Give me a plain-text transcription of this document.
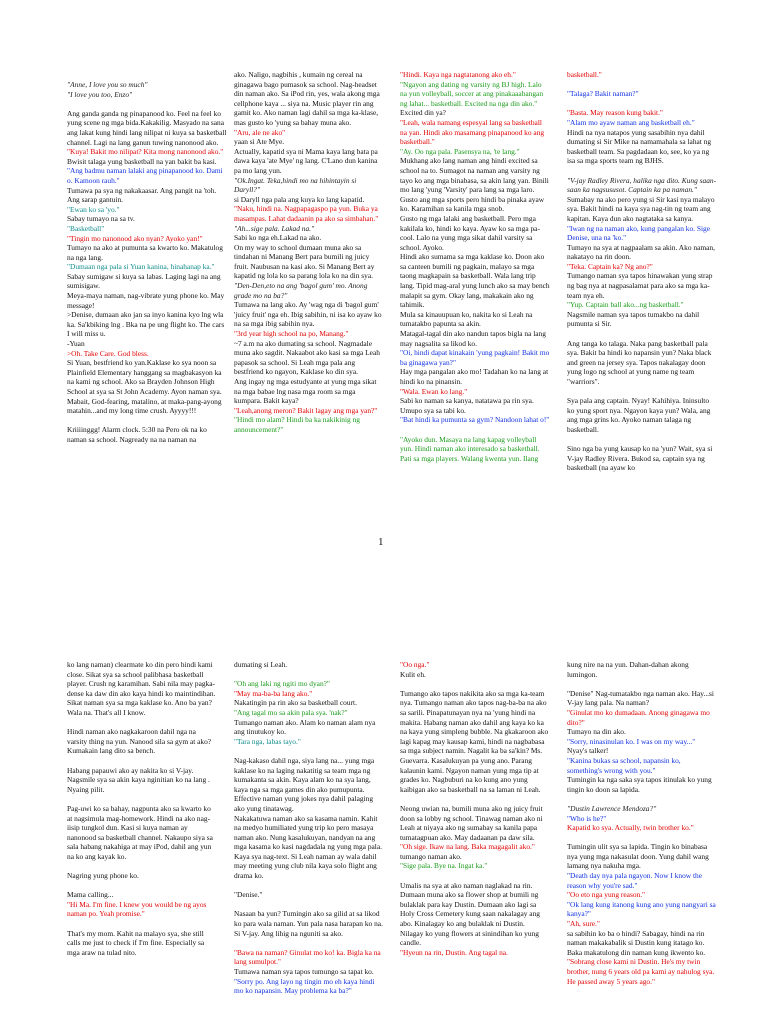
"Anne, I love you so much"

"I love you too, Enzo"

Ang ganda ganda ng pinapanood ko. Feel na feel ko yung scene ng mga bida.Kakakilig. Masyado na sana ang lakat kung hindi lang nilipat ni kuya sa basketball channel. Lagi na lang ganun tuwing nanonood ako.

"Kuya! Bakit mo nilipat? Kita mong nanonood ako."

Bwisit talaga yung basketball na yan bakit ba kasi.

"Ang badmu naman lalaki ang pinapanood ko. Dami o. Kamoon rauh."

Tumawa pa sya ng nakakaasar. Ang pangit na 'toh. Ang sarap gantuin.

"Ewan ko sa 'yo."

Sabay tumayo na sa tv.

"Basketball"

"Tingin mo nanonood ako nyan? Ayoko yan!"

Tumayo na ako at pumunta sa kwarto ko. Makatulog na nga lang.

"Dumaan nga pala si Yuan kanina, hinahanap ka."

Sabay sumigaw si kuya sa labas. Laging lagi na ang sumisigaw.

Meya-maya naman, nag-vibrate yung phone ko. May message!

>Denise, dumaan ako jan sa inyo kanina kyo lng wla ka. Sa'kbiking lng . Bka na pe ung flight ko. The cars I will miss u.

-Yuan

>Oh. Take Care. God bless.

Si Yuan, bestfriend ko yan.Kaklase ko sya noon sa Plainfield Elementary hanggang sa magbakasyon ka na kami ng school. Ako sa Brayden Johnson High School at sya sa St John Academy. Ayon naman sya. Mabait, God-fearing, matalino, at maka-pang-ayong matahin...and my long time crush. Ayyyy!!!

Kriiiinggg! Alarm clock. 5:30 na Pero ok na ko naman sa school. Nagready na na naman na

ako. Naligo, nagbihis , kumain ng cereal na ginagawa bago pumasok sa school. Nag-headset din naman ako. Sa iPod rin, yes, wala akong mga cellphone kaya ... siya na. Music player rin ang gamit ko. Ako naman lagi dahil sa mga ka-klase, mas gusto ko 'yung sa bahay muna ako.

"Aru, ale ne ako"

yaan si Ate Mye.

Actually, kapatid sya ni Mama kaya lang bata pa dawa kaya 'ate Mye' ng lang. C'Lano dun kanina pa mo lang yun.

"Ok.Ingat. Teka,hindi mo na hihintayin si Daryll?"

si Daryll nga pala ang kuya ko lang kapatid.

"Naku, hindi na. Nagpapagaspo pa yun. Buka ya masampas. Lahat dadaanin pa ako sa simbahan."

"Ah...sige pala. Lakad na."

Sabi ko nga eh.Lakad na ako.

On my way to school dumaan muna ako sa tindahan ni Manang Bert para bumili ng juicy fruit. Naubusan na kasi ako. Si Manang Bert ay kapatid ng lola ko sa parang lola ko na din sya.

"Den-Den,eto na ang 'bagol gum' mo. Anong grade mo na ba?"

Tumawa na lang ako. Ay 'wag nga di 'bagol gum' 'juicy fruit' nga eh. Ibig sabihin, ni isa ko ayaw ko na sa mga ibig sabihin nya.

"3rd year high school na po, Manang."

~7 a.m na ako dumating sa school. Nagmadale muna ako sagdit. Nakaabot ako kasi sa mga Leah papasok sa school. Si Leah mga pala ang bestfriend ko ngayon, Kaklase ko din sya.

Ang ingay ng mga estudyante at yung mga sikat na mga babae lng nasa mga room sa mga kumpara. Bakit kaya?

"Leah,anong meron? Bakit lagay ang mga yan?"

"Hindi mo alam? Hindi ba ka nakikinig ng announcement?"

"Hindi. Kaya nga nagtatanong ako eh."

"Ngayon ang dating ng varsity ng BJ high. Lalo na yun volleyball, soccer at ang pinakaaabangan ng lahat... basketball. Excited na nga din ako."

Excited din ya?

"Leah, wala namang espesyal lang sa basketball na yan. Hindi ako masamang pinapanood ko ang basketball."

"Ay. Oo nga pala. Pasensya na, 'te lang."

Mukhang ako lang naman ang hindi excited sa school na to. Sumagot na naman ang varsity ng tayo ko ang mga binabasa, sa akin lang yan. Binili mo lang 'yung 'Varsity' para lang sa mga laro. Gusto ang mga sports pero hindi ba pinaka ayaw ko. Karamihan sa kanila mga snob.

Gusto ng mga lalaki ang basketball. Pero mga kakilala ko, hindi ko kaya. Ayaw ko sa mga pa-cool. Lalo na yung mga sikat dahil varsity sa school. Ayoko.

Hindi ako sumama sa mga kaklase ko. Doon ako sa canteen bumili ng pagkain, malayo sa mga taong magkapain sa basketball. Wala lang trip lang. Tipid mag-aral yung lunch ako sa may bench malapit sa gym. Okay lang, makakain ako ng tahimik.

Mula sa kinauupuan ko, nakita ko si Leah na tumatakbo papunta sa akin.

Matagal-tagal din ako nandun tapos bigla na lang may nagsalita sa likod ko.

"Oi, hindi dapat kinakain 'yung pagkain! Bakit mo ba ginagawa yan?"

Hay mga pangalan ako mo! Tadahan ko na lang at hindi ko na pinansin.

"Wala. Ewan ko lang."

Sabi ko naman sa kanya, natatawa pa rin sya.

Umupo sya sa tabi ko.

"Bat hindi ka pumunta sa gym? Nandoon lahat o!"

"Ayoko dun. Masaya na lang kapag volleyball yun. Hindi naman ako interesado sa basketball. Pati sa mga players. Walang kwenta yun. Ilang

basketball."

"Talaga? Bakit naman?"

"Basta. May reason kung bakit."

"Alam mo ayaw naman ang basketball eh."

Hindi na nya natapos yung sasabihin nya dahil dumating si Sir Mike na namamahala sa lahat ng basketball team. Sa pagdadaan ko, see, ko ya ng isa sa mga sports team ng BJHS.

"V-jay Radley Rivera, halika nga dito. Kung saan-saan ka nagsususot. Captain ka pa naman."

Sumabay na ako pero yung si Sir kasi nya malayo sya. Bakit hindi na kaya sya nag-tin ng team ang kapitan. Kaya dun ako nagtataka sa kanya.

"Iwan ng na naman ako, kung pangalan ko. Sige Denise, una na 'ko."

Tumayo na sya at nagpaalam sa akin. Ako naman, nakatayo na rin doon.

"Teka. Captain ka? Ng ano?"

Tumango naman sya tapos hinawakan yung strap ng bag nya at nagpasalamat para ako sa mga ka-team nya eh.

"Yup. Captain ball ako...ng basketball."

Nagsmile naman sya tapos tumakbo na dahil pumunta si Sir.

Ang tanga ko talaga. Naka pang basketball pala sya. Bakit ba hindi ko napansin yun? Naka black and green na jersey sya. Tapos nakalagay doon yung logo ng school at yung name ng team "warriors".

Sya pala ang captain. Nyay! Kahihiya. Ininsulto ko yung sport nya. Ngayon kaya yun? Wala, ang ang mga grins ko. Ayoko naman talaga ng basketball.

Sino nga ba yung kausap ko na 'yun? Wait, sya si V-jay Radley Rivera. Bukod sa, captain sya ng basketball (na ayaw ko

1

ko lang naman) clearmate ko din pero hindi kami close. Sikat sya sa school palibhasa basketball player. Crush ng karamihan. Sabi nila may pagka-dense ka daw din ako kaya hindi ko maintindihan. Sikat naman sya sa mga kaklase ko. Ano ba yan? Wala na. That's all I know.

Hindi naman ako nagkakaroon dahil nga na varsity thing na yun. Nanood sila sa gym at ako? Kumakain lang dito sa bench.

Habang papauwi ako ay nakita ko si V-jay. Nagsmile sya sa akin kaya nginitian ko na lang . Nyaing pilit.

Pag-uwi ko sa bahay, nagpunta ako sa kwarto ko at nagsimula mag-homework. Hindi na ako nag-iisip tungkol dun. Kasi si kuya naman ay nanonood sa basketball channel. Nakaupo siya sa sala habang nakahiga at may iPod, dahil ang yun na ko ang kayak ko.

Nagring yung phone ko.

Mama calling...

"Hi Ma. I'm fine. I knew you would be ng ayos naman po. Yeah promise."

That's my mom. Kahit na malayo sya, she still calls me just to check if I'm fine. Especially sa mga araw na tulad nito.

dumating si Leah.

"Oh ang laki ng ngiti mo dyan?"

"May ma-ba-ba lang ako."

Nakatingin pa rin ako sa basketball court.

"Ang tagal mo sa akin pala sya. 'nak?"

Tumango naman ako. Alam ko naman alam nya ang tinutukoy ko.

"Tara nga, labas tayo."

Nag-kakaso dahil nga, siya lang na... yung mga kaklase ko na laging nakatitig sa team mga ng kumakanta sa akin. Kaya alam ko na sya lang, kaya nga sa mga games din ako pumupunta. Effective naman yung jokes nya dahil palaging ako yung tinatawag.

Nakakatuwa naman ako sa kasama namin. Kahit na medyo humiliated yung trip ko pero masaya naman ako. Nung kasalukuyan, nandyan na ang mga kasama ko kasi nagdadala ng yung mga pala. Kaya sya nag-text. Si Leah naman ay wala dahil may meeting yung club nila kaya solo flight ang drama ko.

"Denise."

Nasaan ba yun? Tumingin ako sa gilid at sa likod ko para wala naman. Yun pala nasa harapan ko na. Si V-jay. Ang lihig na nguniti sa ako.

"Bawa na naman? Ginulat mo ko! ka. Bigla ka na lang sumulpot."

Tumawa naman sya tapos tumungo sa tapat ko.

"Sorry po. Ang layo ng tingin mo eh kaya hindi mo ko napansin. May problema ka ba?"

"Oo nga."

Kulit eh.

Tumango ako tapos nakikita ako sa mga ka-team nya. Tumango naman ako tapos nag-ba-ba na ako sa sarili. Pinapatunayan nya na 'yung hindi na makita. Habang naman ako dahil ang kaya ko ka na kaya yung simpleng bubble. Na gkakaroon ako lagi kapag may kausap kami, hindi na nagbabasa sa mga subject namin. Nagalit ka ba sa'kin? Ms. Guevarra. Kasalukuyan pa yung ano. Parang kalaunin kami. Ngayon naman yung mga tip at grades ko. Nagbuburi na ko kung ano yung kaibigan ako sa basketball na sa laman ni Leah.

Neong uwian na, bumili muna ako ng juicy fruit doon sa lobby ng school. Tinawag naman ako ni Leah at niyaya ako ng sumabay sa kanila papa tumatagpuan ako. May dadaanan pa daw sila.

"Oh sige. Ikaw na lang. Baka magagalit ako."

tumango naman ako.

"Sige pala. Bye na. Ingat ka."

Umalis na sya at ako naman naglakad na rin. Dumaan muna ako sa flower shop at bumili ng bulaklak para kay Dustin. Dumaan ako lagi sa Holy Cross Cemetery kung saan nakalagay ang abo. Kinalagay ko ang bulaklak ni Dustin. Nilagay ko yung flowers at sinindihan ko yung candle.

"Hyeun na rin, Dustin. Ang tagal na.

kung nire na na yun. Dahan-dahan akong lumingon.

"Denise" Nag-tumatakbo nga naman ako. Hay...si V-jay lang pala. Na naman?

"Ginulat mo ko dumadaan. Anong ginagawa mo dito?"

Tumayo na din ako.

"Sorry, ninasinulan ko. I was on my way..."

Nyay's talker!

"Kanina bukas sa school, napansin ko, something's wrong with you."

Tumingin ka nga saka sya tapos itinulak ko yung tingin ko doon sa lapida.

"Dustin Lawrence Mendoza?"

"Who is he?"

Kapatid ko sya. Actually, twin brother ko."

Tumingin ulit sya sa lapida. Tingin ko binabasa nya yung mga nakasulat doon. Yung dahil wang lamang nya nakuha mga.

"Death day nya pala ngayon. Now I know the reason why you're sad."

"Oo eto nga yung reason."

"Ok lang kung itanong kung ano yung nangyari sa kanya?"

"Ah, sure."

sa sabihin ko ba o hindi? Sabagay, hindi na rin naman makakabalik si Dustin kung itatago ko. Baka makatulong din naman kung ikwento ko.

"Sobrang close kami ni Dustin. He's my twin brother, nung 6 years old pa kami ay nahulog sya. He passed away 5 years ago."
